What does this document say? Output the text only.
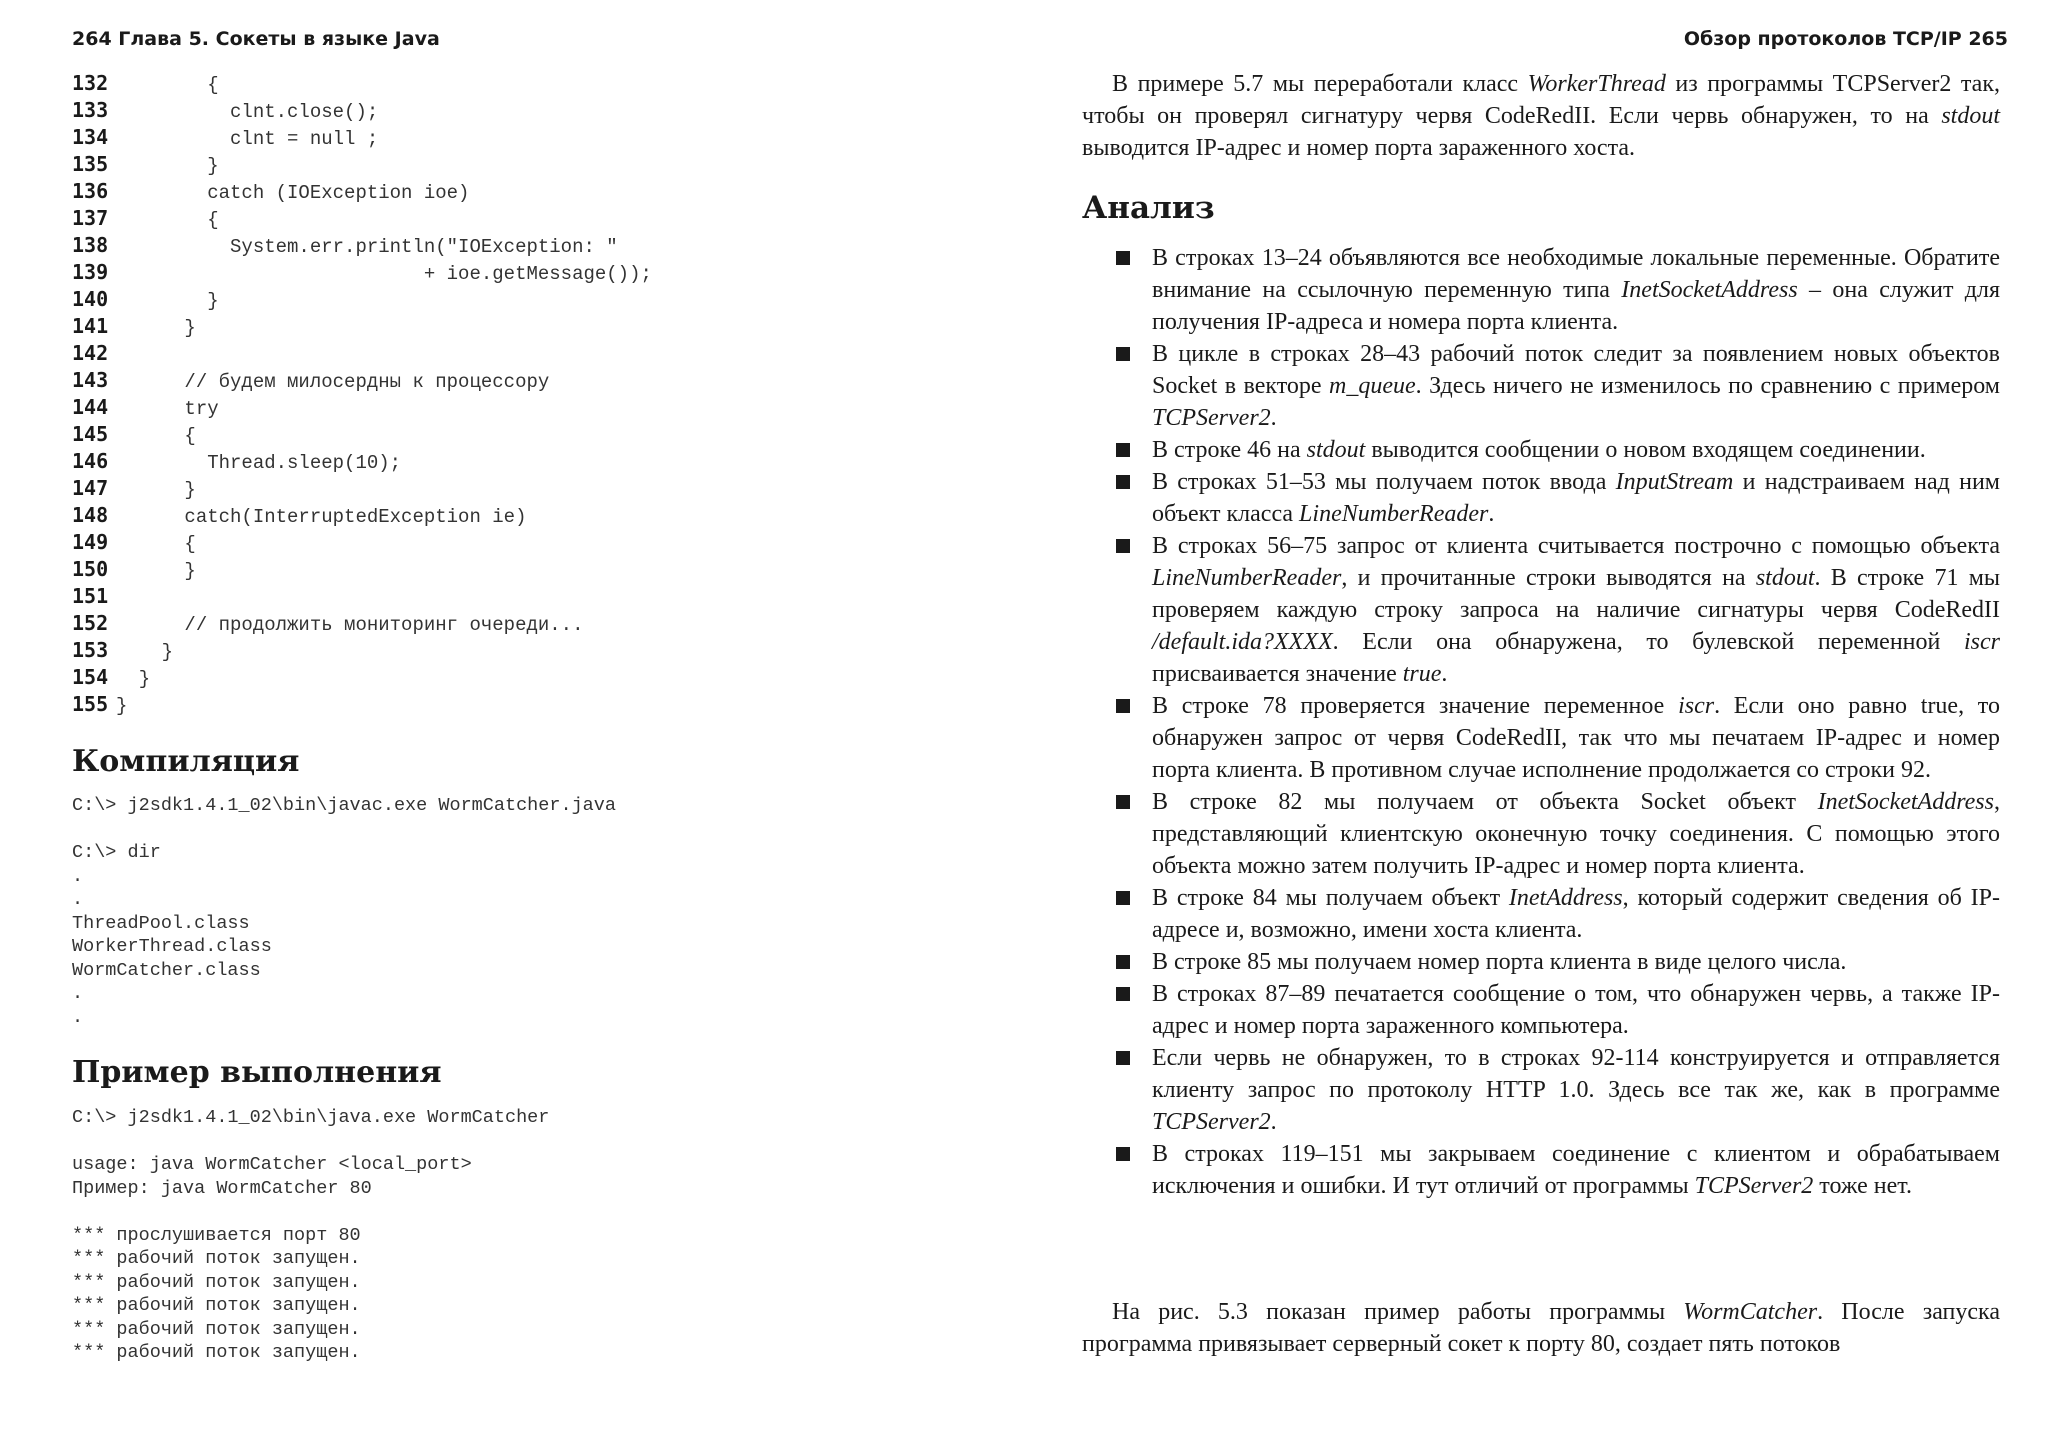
264 Глава 5. Сокеты в языке Java
132        {
133          clnt.close();
134          clnt = null ;
135        }
136        catch (IOException ioe)
137        {
138          System.err.println("IOException: "
139                           + ioe.getMessage());
140        }
141      }
142
143      // будем милосердны к процессору
144      try
145      {
146        Thread.sleep(10);
147      }
148      catch(InterruptedException ie)
149      {
150      }
151
152      // продолжить мониторинг очереди...
153    }
154  }
155 }
Компиляция
C:\> j2sdk1.4.1_02\bin\javac.exe WormCatcher.java
C:\> dir
.
.
ThreadPool.class
WorkerThread.class
WormCatcher.class
.
.
Пример выполнения
C:\> j2sdk1.4.1_02\bin\java.exe WormCatcher
usage: java WormCatcher <local_port>
Пример: java WormCatcher 80
*** прослушивается порт 80
*** рабочий поток запущен.
*** рабочий поток запущен.
*** рабочий поток запущен.
*** рабочий поток запущен.
*** рабочий поток запущен.
Обзор протоколов TCP/IP 265

В примере 5.7 мы переработали класс WorkerThread из программы TCPServer2 так, чтобы он проверял сигнатуру червя CodeRedII. Если червь обнаружен, то на stdout выводится IP-адрес и номер порта зараженного хоста.

Анализ
В строках 13–24 объявляются все необходимые локальные переменные. Обратите внимание на ссылочную переменную типа InetSocketAddress – она служит для получения IP-адреса и номера порта клиента.
В цикле в строках 28–43 рабочий поток следит за появлением новых объектов Socket в векторе m_queue. Здесь ничего не изменилось по сравнению с примером TCPServer2.
В строке 46 на stdout выводится сообщении о новом входящем соединении.
В строках 51–53 мы получаем поток ввода InputStream и надстраиваем над ним объект класса LineNumberReader.
В строках 56–75 запрос от клиента считывается построчно с помощью объекта LineNumberReader, и прочитанные строки выводятся на stdout. В строке 71 мы проверяем каждую строку запроса на наличие сигнатуры червя CodeRedII /default.ida?XXXX. Если она обнаружена, то булевской переменной iscr присваивается значение true.
В строке 78 проверяется значение переменное iscr. Если оно равно true, то обнаружен запрос от червя CodeRedII, так что мы печатаем IP-адрес и номер порта клиента. В противном случае исполнение продолжается со строки 92.
В строке 82 мы получаем от объекта Socket объект InetSocketAddress, представляющий клиентскую оконечную точку соединения. С помощью этого объекта можно затем получить IP-адрес и номер порта клиента.
В строке 84 мы получаем объект InetAddress, который содержит сведения об IP-адресе и, возможно, имени хоста клиента.
В строке 85 мы получаем номер порта клиента в виде целого числа.
В строках 87–89 печатается сообщение о том, что обнаружен червь, а также IP-адрес и номер порта зараженного компьютера.
Если червь не обнаружен, то в строках 92-114 конструируется и отправляется клиенту запрос по протоколу HTTP 1.0. Здесь все так же, как в программе TCPServer2.
В строках 119–151 мы закрываем соединение с клиентом и обрабатываем исключения и ошибки. И тут отличий от программы TCPServer2 тоже нет.

На рис. 5.3 показан пример работы программы WormCatcher. После запуска программа привязывает серверный сокет к порту 80, создает пять потоков
